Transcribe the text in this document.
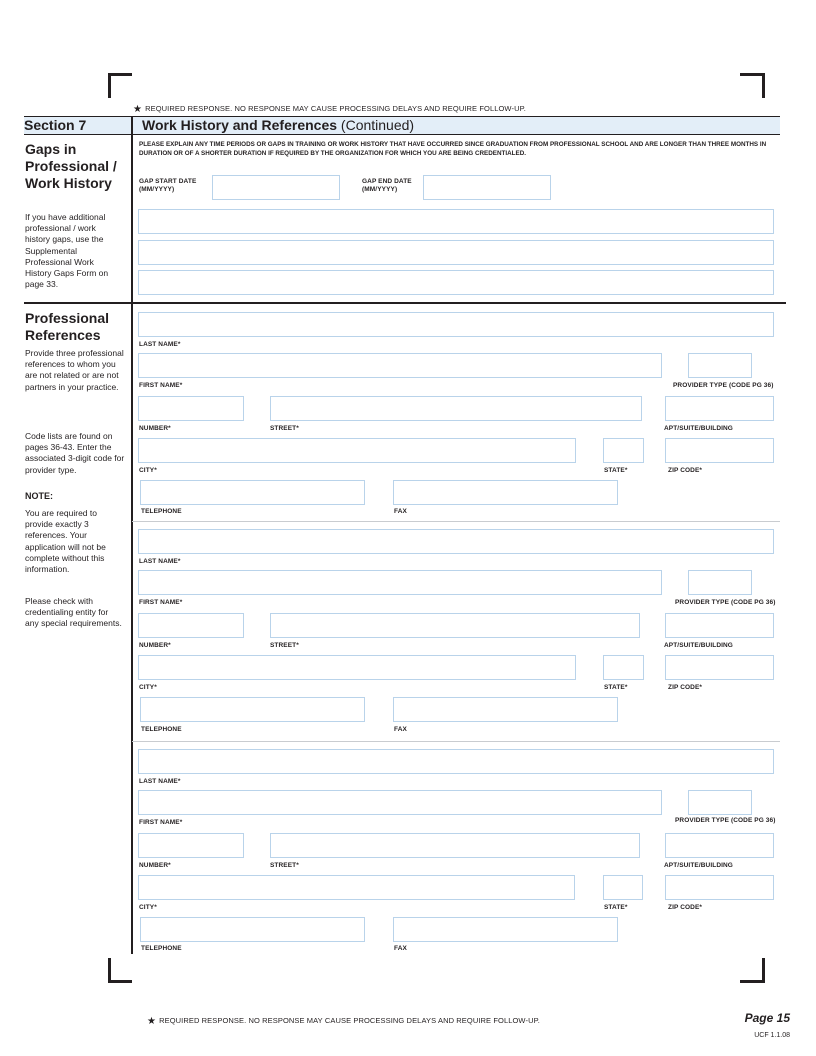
★ REQUIRED RESPONSE. NO RESPONSE MAY CAUSE PROCESSING DELAYS AND REQUIRE FOLLOW-UP.
Section 7	Work History and References (Continued)
Gaps in
Professional /
Work History
If you have additional professional / work history gaps, use the Supplemental Professional Work History Gaps Form on page 33.
PLEASE EXPLAIN ANY TIME PERIODS OR GAPS IN TRAINING OR WORK HISTORY THAT HAVE OCCURRED SINCE GRADUATION FROM PROFESSIONAL SCHOOL AND ARE LONGER THAN THREE MONTHS IN DURATION OR OF A SHORTER DURATION IF REQUIRED BY THE ORGANIZATION FOR WHICH YOU ARE BEING CREDENTIALED.
GAP START DATE
(MM/YYYY)
GAP END DATE
(MM/YYYY)
Professional
References
Provide three professional references to whom you are not related or are not partners in your practice.
Code lists are found on pages 36-43. Enter the associated 3-digit code for provider type.
NOTE:
You are required to provide exactly 3 references. Your application will not be complete without this information.
Please check with credentialing entity for any special requirements.
LAST NAME*
FIRST NAME*	PROVIDER TYPE (CODE PG 36)
NUMBER*	STREET*	APT/SUITE/BUILDING
CITY*	STATE*	ZIP CODE*
TELEPHONE	FAX
LAST NAME*
FIRST NAME*	PROVIDER TYPE (CODE PG 36)
NUMBER*	STREET*	APT/SUITE/BUILDING
CITY*	STATE*	ZIP CODE*
TELEPHONE	FAX
LAST NAME*
FIRST NAME*	PROVIDER TYPE (CODE PG 36)
NUMBER*	STREET*	APT/SUITE/BUILDING
CITY*	STATE*	ZIP CODE*
TELEPHONE	FAX
★ REQUIRED RESPONSE. NO RESPONSE MAY CAUSE PROCESSING DELAYS AND REQUIRE FOLLOW-UP.	Page 15
UCF 1.1.08
